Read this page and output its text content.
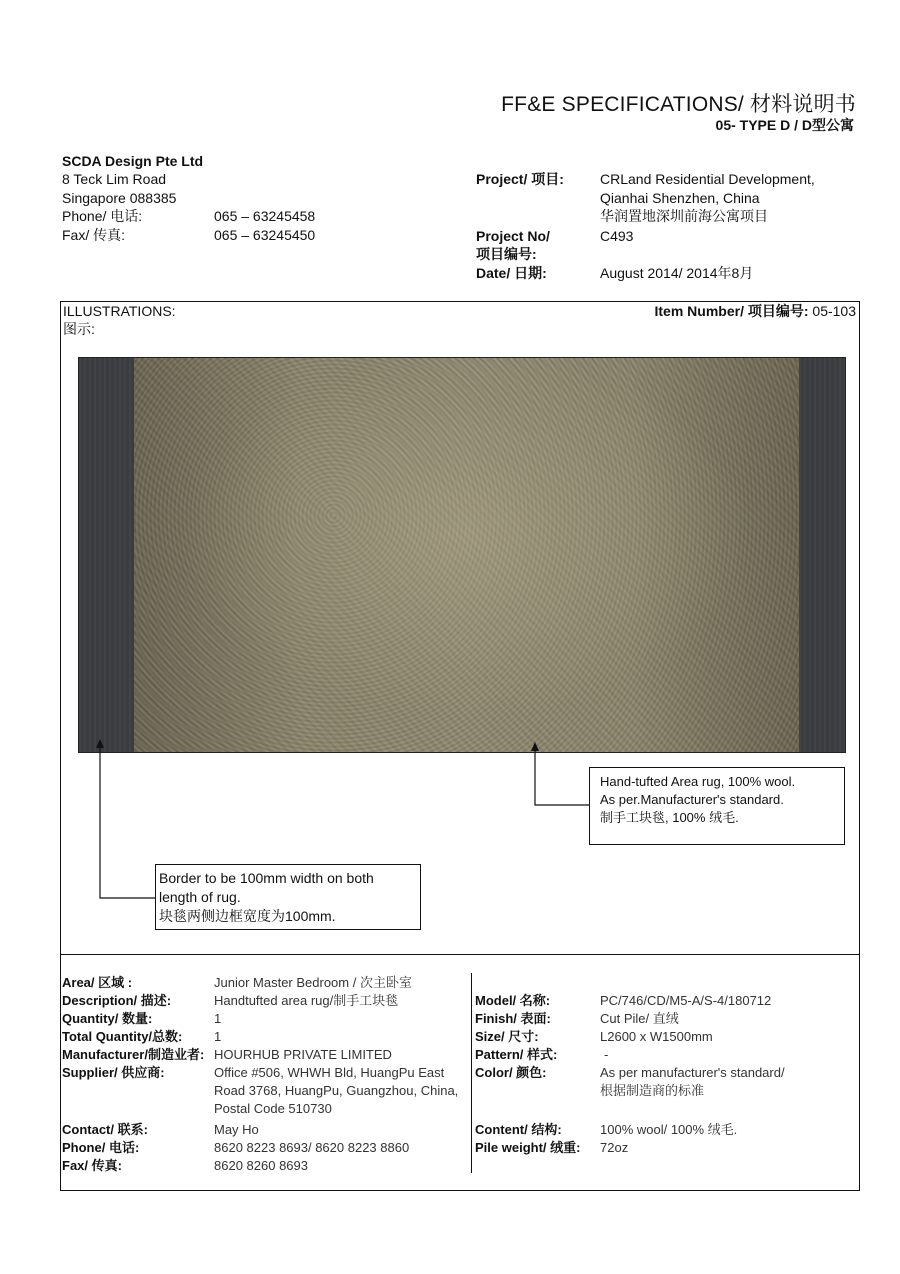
FF&E SPECIFICATIONS/ 材料说明书
05- TYPE D / D型公寓
SCDA Design Pte Ltd
8 Teck Lim Road
Singapore 088385
Phone/ 电话:	065 – 63245458
Fax/ 传真:	065 – 63245450
Project/ 项目:	CRLand Residential Development,
Qianhai Shenzhen, China
华润置地深圳前海公寓项目
Project No/	C493
项目编号:
Date/ 日期:	August 2014/ 2014年8月
ILLUSTRATIONS:
图示:
Item Number/ 项目编号: 05-103
Hand-tufted Area rug, 100% wool.
As per.Manufacturer's standard.
制手工块毯, 100% 绒毛.
Border to be 100mm width on both
length of rug.
块毯两侧边框宽度为100mm.
Area/ 区域 :	Junior Master Bedroom / 次主卧室
Description/ 描述:	Handtufted area rug/制手工块毯
Quantity/ 数量:	1
Total Quantity/总数: 1
Manufacturer/制造业者: HOURHUB PRIVATE LIMITED
Supplier/ 供应商:	Office #506, WHWH Bld, HuangPu East
Road 3768, HuangPu, Guangzhou, China,
Postal Code 510730
Contact/ 联系:	May Ho
Phone/ 电话:	8620 8223 8693/ 8620 8223 8860
Fax/ 传真:	8620 8260 8693
Model/ 名称:	PC/746/CD/M5-A/S-4/180712
Finish/ 表面:	Cut Pile/ 直绒
Size/ 尺寸:	L2600 x W1500mm
Pattern/ 样式:	-
Color/ 颜色:	As per manufacturer's standard/
根据制造商的标准
Content/ 结构:	100% wool/ 100% 绒毛.
Pile weight/ 绒重: 72oz
